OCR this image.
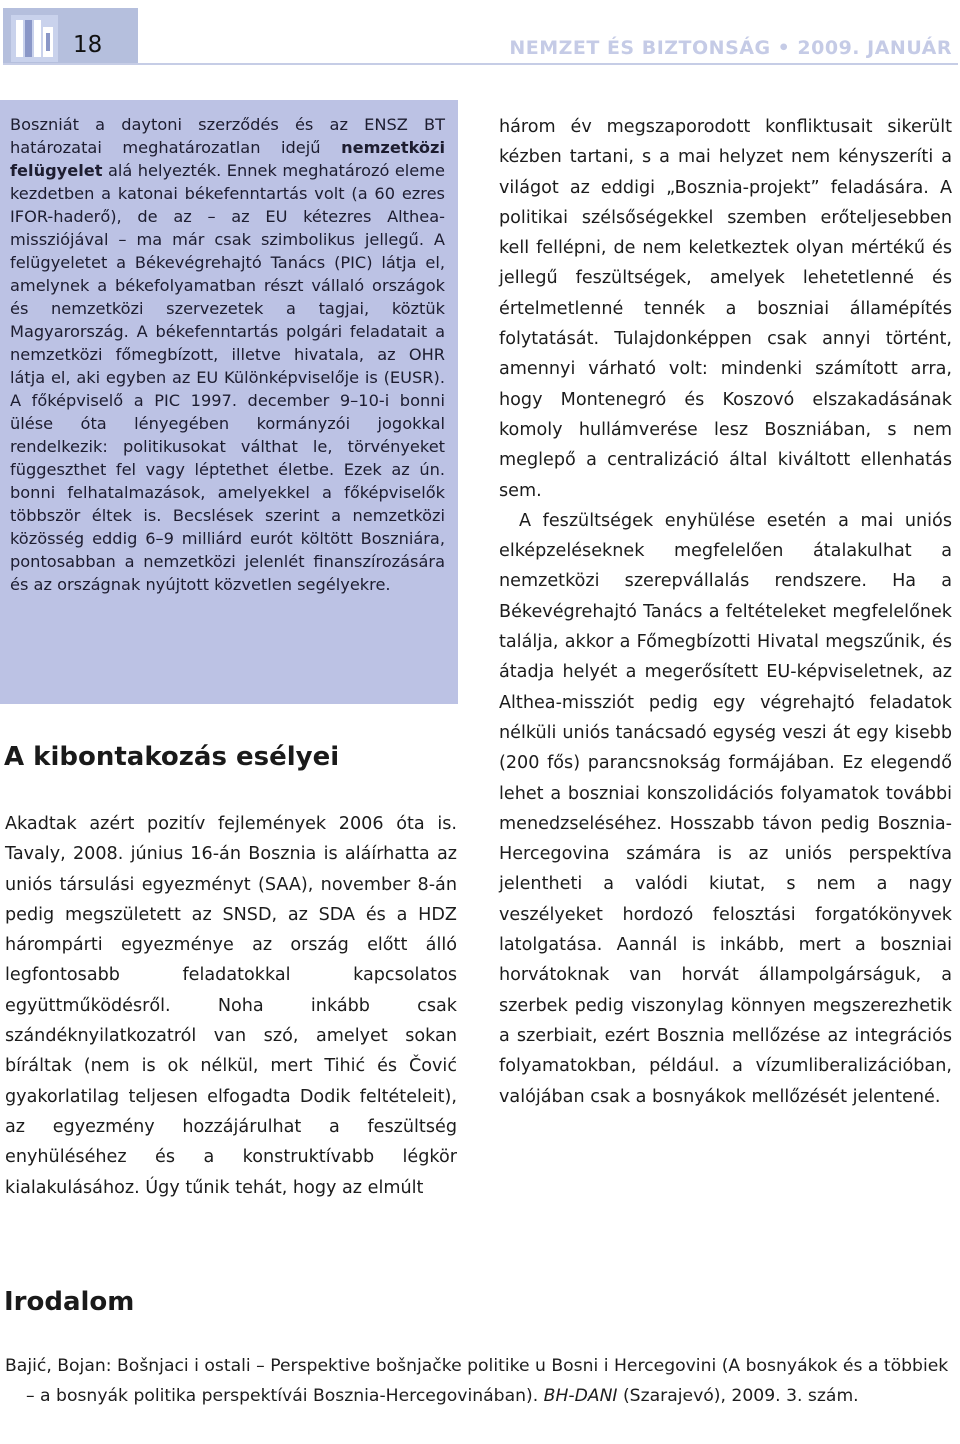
18	NEMZET ÉS BIZTONSÁG • 2009. JANUÁR

Boszniát a daytoni szerződés és az ENSZ BT határozatai meghatározatlan idejű nemzetközi felügyelet alá helyezték. Ennek meghatározó eleme kezdetben a katonai békefenntartás volt (a 60 ezres IFOR-haderő), de az – az EU kétezres Althea-missziójával – ma már csak szimbolikus jellegű. A felügyeletet a Békevégrehajtó Tanács (PIC) látja el, amelynek a békefolyamatban részt vállaló országok és nemzetközi szervezetek a tagjai, köztük Magyarország. A békefenntartás polgári feladatait a nemzetközi főmegbízott, illetve hivatala, az OHR látja el, aki egyben az EU Különképviselője is (EUSR). A főképviselő a PIC 1997. december 9–10-i bonni ülése óta lényegében kormányzói jogokkal rendelkezik: politikusokat válthat le, törvényeket függeszthet fel vagy léptethet életbe. Ezek az ún. bonni felhatalmazások, amelyekkel a főképviselők többször éltek is. Becslések szerint a nemzetközi közösség eddig 6–9 milliárd eurót költött Boszniára, pontosabban a nemzetközi jelenlét finanszírozására és az országnak nyújtott közvetlen segélyekre.

A kibontakozás esélyei

Akadtak azért pozitív fejlemények 2006 óta is. Tavaly, 2008. június 16-án Bosznia is aláírhatta az uniós társulási egyezményt (SAA), november 8-án pedig megszületett az SNSD, az SDA és a HDZ hárompárti egyezménye az ország előtt álló legfontosabb feladatokkal kapcsolatos együttműködésről. Noha inkább csak szándéknyilatkozatról van szó, amelyet sokan bíráltak (nem is ok nélkül, mert Tihić és Čović gyakorlatilag teljesen elfogadta Dodik feltételeit), az egyezmény hozzájárulhat a feszültség enyhüléséhez és a konstruktívabb légkör kialakulásához. Úgy tűnik tehát, hogy az elmúlt

három év megszaporodott konfliktusait sikerült kézben tartani, s a mai helyzet nem kényszeríti a világot az eddigi „Bosznia-projekt” feladására. A politikai szélsőségekkel szemben erőteljesebben kell fellépni, de nem keletkeztek olyan mértékű és jellegű feszültségek, amelyek lehetetlenné és értelmetlenné tennék a boszniai államépítés folytatását. Tulajdonképpen csak annyi történt, amennyi várható volt: mindenki számított arra, hogy Montenegró és Koszovó elszakadásának komoly hullámverése lesz Boszniában, s nem meglepő a centralizáció által kiváltott ellenhatás sem.

A feszültségek enyhülése esetén a mai uniós elképzeléseknek megfelelően átalakulhat a nemzetközi szerepvállalás rendszere. Ha a Békevégrehajtó Tanács a feltételeket megfelelőnek találja, akkor a Főmegbízotti Hivatal megszűnik, és átadja helyét a megerősített EU-képviseletnek, az Althea-missziót pedig egy végrehajtó feladatok nélküli uniós tanácsadó egység veszi át egy kisebb (200 fős) parancsnokság formájában. Ez elegendő lehet a boszniai konszolidációs folyamatok további menedzseléséhez. Hosszabb távon pedig Bosznia-Hercegovina számára is az uniós perspektíva jelentheti a valódi kiutat, s nem a nagy veszélyeket hordozó felosztási forgatókönyvek latolgatása. Aannál is inkább, mert a boszniai horvátoknak van horvát állampolgárságuk, a szerbek pedig viszonylag könnyen megszerezhetik a szerbiait, ezért Bosznia mellőzése az integrációs folyamatokban, például. a vízumliberalizációban, valójában csak a bosnyákok mellőzését jelentené.

Irodalom

Bajić, Bojan: Bošnjaci i ostali – Perspektive bošnjačke politike u Bosni i Hercegovini (A bosnyákok és a többiek – a bosnyák politika perspektívái Bosznia-Hercegovinában). BH-DANI (Szarajevó), 2009. 3. szám.
